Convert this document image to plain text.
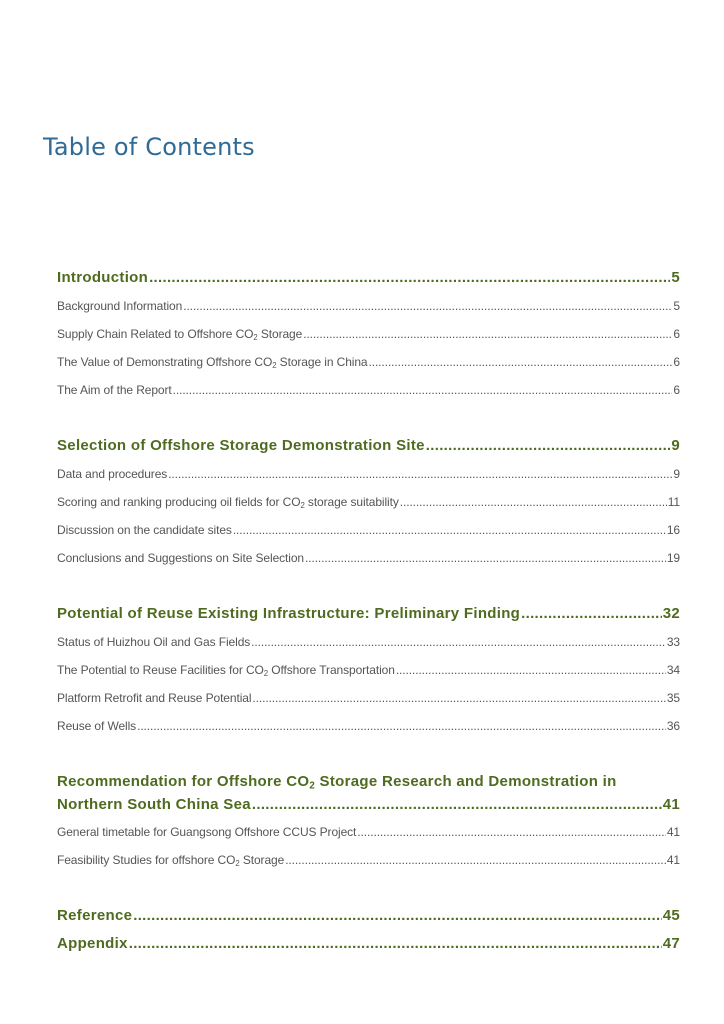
Table of Contents
Introduction .....	5
Background Information .....	5
Supply Chain Related to Offshore $CO_2$ Storage .....	6
The Value of Demonstrating Offshore $CO_2$ Storage in China .....	6
The Aim of the Report .....	6
Selection of Offshore Storage Demonstration Site .....	9
Data and procedures .....	9
Scoring and ranking producing oil fields for $CO_2$ storage suitability .....	11
Discussion on the candidate sites .....	16
Conclusions and Suggestions on Site Selection .....	19
Potential of Reuse Existing Infrastructure: Preliminary Finding .....	32
Status of Huizhou Oil and Gas Fields .....	33
The Potential to Reuse Facilities for $CO_2$ Offshore Transportation .....	34
Platform Retrofit and Reuse Potential .....	35
Reuse of Wells .....	36
Recommendation for Offshore $CO_2$ Storage Research and Demonstration in
Northern South China Sea .....	41
General timetable for Guangsong Offshore CCUS Project .....	41
Feasibility Studies for offshore $CO_2$ Storage .....	41
Reference .....	45
Appendix .....	47
